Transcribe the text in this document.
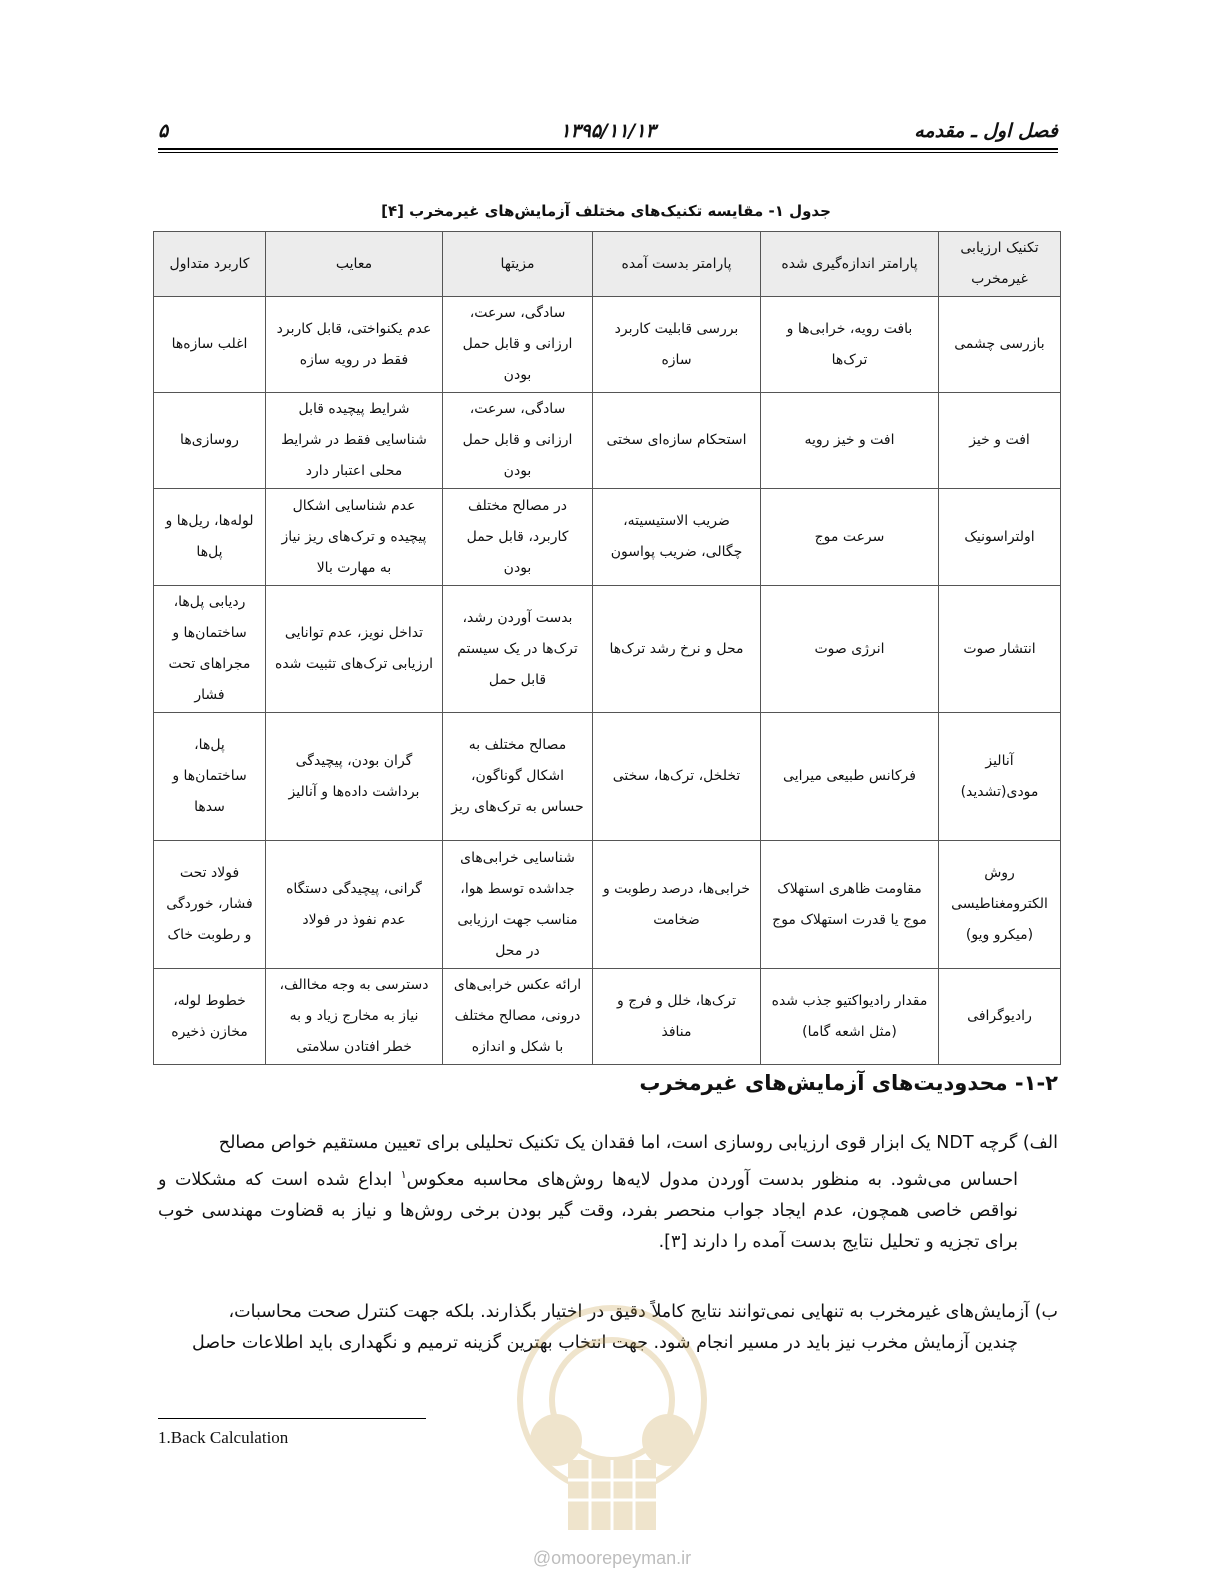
۵	۱۳۹۵/۱۱/۱۳	فصل اول ـ مقدمه
جدول ۱- مقایسه تکنیک‌های مختلف آزمایش‌های غیرمخرب [۴]
تکنیک ارزیابی غیرمخرب	پارامتر اندازه‌گیری شده	پارامتر بدست آمده	مزیتها	معایب	کاربرد متداول
بازرسی چشمی	بافت رویه، خرابی‌ها و ترک‌ها	بررسی قابلیت کاربرد سازه	سادگی، سرعت، ارزانی و قابل حمل بودن	عدم یکنواختی، قابل کاربرد فقط در رویه سازه	اغلب سازه‌ها
افت و خیز	افت و خیز رویه	استحکام سازه‌ای سختی	سادگی، سرعت، ارزانی و قابل حمل بودن	شرایط پیچیده قابل شناسایی فقط در شرایط محلی اعتبار دارد	روسازی‌ها
اولتراسونیک	سرعت موج	ضریب الاستیسیته، چگالی، ضریب پواسون	در مصالح مختلف کاربرد، قابل حمل بودن	عدم شناسایی اشکال پیچیده و ترک‌های ریز نیاز به مهارت بالا	لوله‌ها، ریل‌ها و پل‌ها
انتشار صوت	انرژی صوت	محل و نرخ رشد ترک‌ها	بدست آوردن رشد، ترک‌ها در یک سیستم قابل حمل	تداخل نویز، عدم توانایی ارزیابی ترک‌های تثبیت شده	ردیابی پل‌ها، ساختمان‌ها و مجراهای تحت فشار
آنالیز مودی(تشدید)	فرکانس طبیعی میرایی	تخلخل، ترک‌ها، سختی	مصالح مختلف به اشکال گوناگون، حساس به ترک‌های ریز	گران بودن، پیچیدگی برداشت داده‌ها و آنالیز	پل‌ها، ساختمان‌ها و سدها
روش الکترومغناطیسی (میکرو ویو)	مقاومت ظاهری استهلاک موج یا قدرت استهلاک موج	خرابی‌ها، درصد رطوبت و ضخامت	شناسایی خرابی‌های جداشده توسط هوا، مناسب جهت ارزیابی در محل	گرانی، پیچیدگی دستگاه عدم نفوذ در فولاد	فولاد تحت فشار، خوردگی و رطوبت خاک
رادیوگرافی	مقدار رادیواکتیو جذب شده (مثل اشعه گاما)	ترک‌ها، خلل و فرج و منافذ	ارائه عکس خرابی‌های درونی، مصالح مختلف با شکل و اندازه	دسترسی به وجه مخاالف، نیاز به مخارج زیاد و به خطر افتادن سلامتی	خطوط لوله، مخازن ذخیره
۱-۲- محدودیت‌های آزمایش‌های غیرمخرب
الف) گرچه NDT یک ابزار قوی ارزیابی روسازی است، اما فقدان یک تکنیک تحلیلی برای تعیین مستقیم خواص مصالح
احساس می‌شود. به منظور بدست آوردن مدول لایه‌ها روش‌های محاسبه معکوس$^۱$ ابداع شده است که مشکلات و نواقص خاصی همچون، عدم ایجاد جواب منحصر بفرد، وقت گیر بودن برخی روش‌ها و نیاز به قضاوت مهندسی خوب برای تجزیه و تحلیل نتایج بدست آمده را دارند [۳].
ب) آزمایش‌های غیرمخرب به تنهایی نمی‌توانند نتایج کاملاً دقیق در اختیار بگذارند. بلکه جهت کنترل صحت محاسبات،
چندین آزمایش مخرب نیز باید در مسیر انجام شود. جهت انتخاب بهترین گزینه ترمیم و نگهداری باید اطلاعات حاصل
1.Back Calculation
@omoorepeyman.ir
